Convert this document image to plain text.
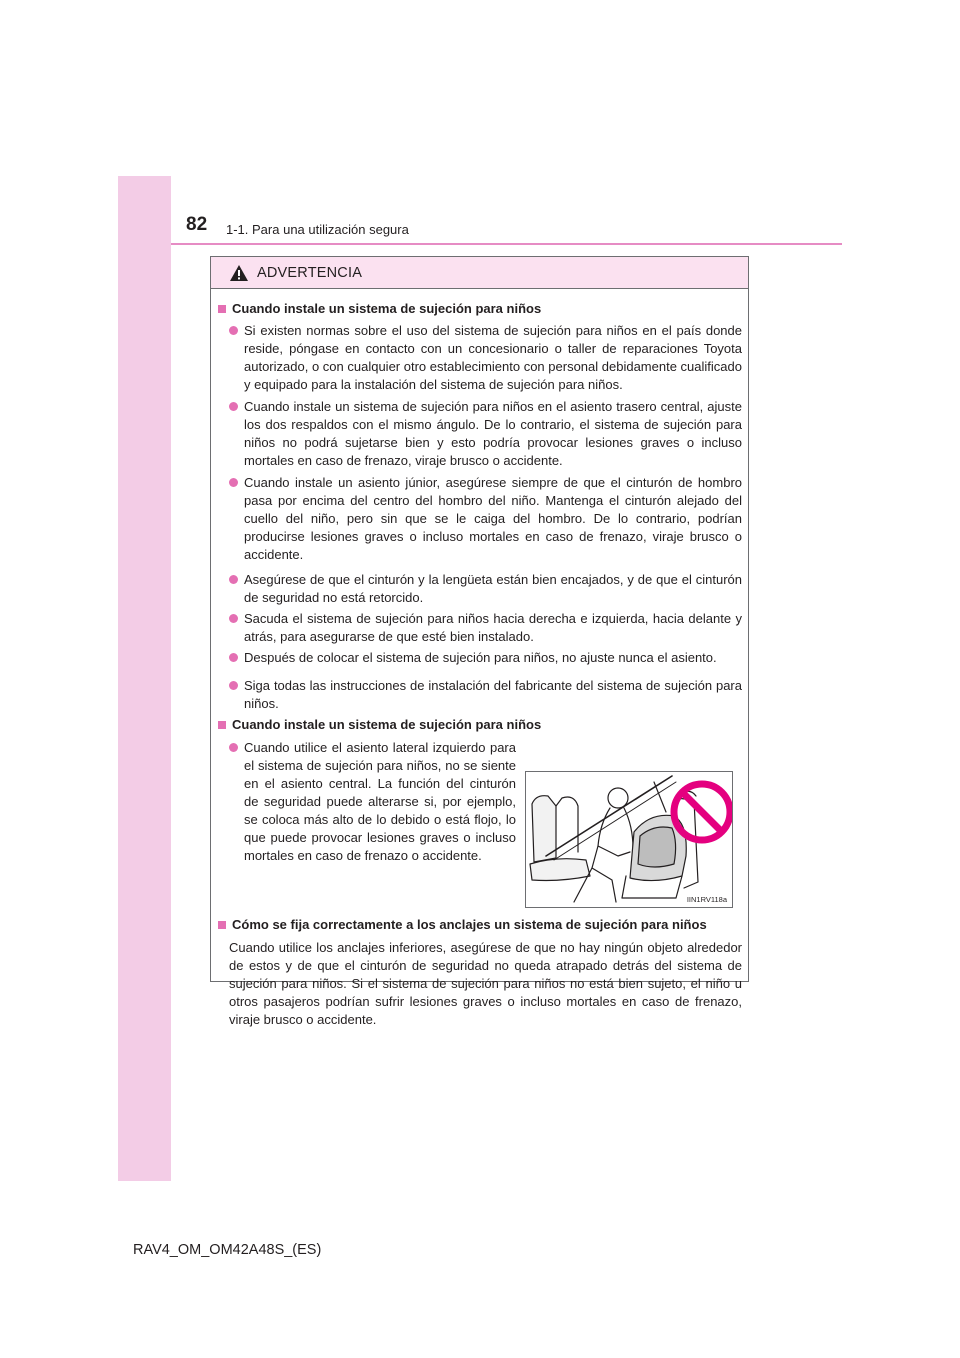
82 1-1. Para una utilización segura
ADVERTENCIA
Cuando instale un sistema de sujeción para niños
Si existen normas sobre el uso del sistema de sujeción para niños en el país donde reside, póngase en contacto con un concesionario o taller de reparaciones Toyota autorizado, o con cualquier otro establecimiento con personal debidamente cualificado y equipado para la instalación del sistema de sujeción para niños.
Cuando instale un sistema de sujeción para niños en el asiento trasero central, ajuste los dos respaldos con el mismo ángulo. De lo contrario, el sistema de sujeción para niños no podrá sujetarse bien y esto podría provocar lesiones graves o incluso mortales en caso de frenazo, viraje brusco o accidente.
Cuando instale un asiento júnior, asegúrese siempre de que el cinturón de hombro pasa por encima del centro del hombro del niño. Mantenga el cinturón alejado del cuello del niño, pero sin que se le caiga del hombro. De lo contrario, podrían producirse lesiones graves o incluso mortales en caso de frenazo, viraje brusco o accidente.
Asegúrese de que el cinturón y la lengüeta están bien encajados, y de que el cinturón de seguridad no está retorcido.
Sacuda el sistema de sujeción para niños hacia derecha e izquierda, hacia delante y atrás, para asegurarse de que esté bien instalado.
Después de colocar el sistema de sujeción para niños, no ajuste nunca el asiento.
Siga todas las instrucciones de instalación del fabricante del sistema de sujeción para niños.
Cuando instale un sistema de sujeción para niños
Cuando utilice el asiento lateral izquierdo para el sistema de sujeción para niños, no se siente en el asiento central. La función del cinturón de seguridad puede alterarse si, por ejemplo, se coloca más alto de lo debido o está flojo, lo que puede provocar lesiones graves o incluso mortales en caso de frenazo o accidente.
IIN1RV118a
Cómo se fija correctamente a los anclajes un sistema de sujeción para niños
Cuando utilice los anclajes inferiores, asegúrese de que no hay ningún objeto alrededor de estos y de que el cinturón de seguridad no queda atrapado detrás del sistema de sujeción para niños. Si el sistema de sujeción para niños no está bien sujeto, el niño u otros pasajeros podrían sufrir lesiones graves o incluso mortales en caso de frenazo, viraje brusco o accidente.
RAV4_OM_OM42A48S_(ES)
